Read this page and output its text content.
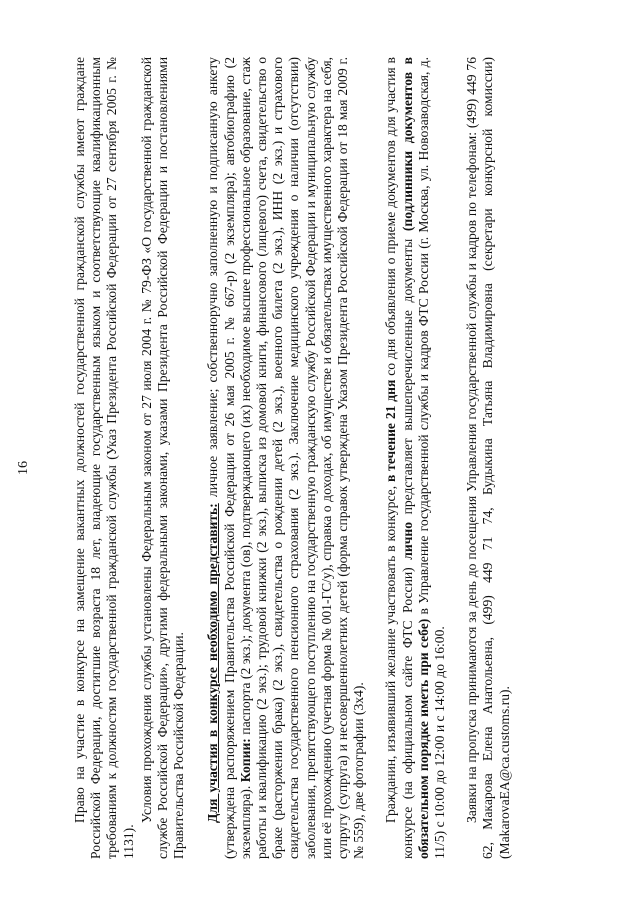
16	Право на участие в конкурсе на замещение вакантных должностей государственной гражданской службы имеют граждане Российской Федерации, достигшие возраста 18 лет, владеющие государственным языком и соответствующие квалификационным требованиям к должностям государственной гражданской службы (Указ Президента Российской Федерации от 27 сентября 2005 г. № 1131).

Условия прохождения службы установлены Федеральным законом от 27 июля 2004 г. № 79-ФЗ «О государственной гражданской службе Российской Федерации», другими федеральными законами, указами Президента Российской Федерации и постановлениями Правительства Российской Федерации. Для участия в конкурсе необходимо представить: личное заявление; собственноручно заполненную и подписанную анкету (утверждена распоряжением Правительства Российской Федерации от 26 мая 2005 г. № 667-р) (2 экземпляра); автобиографию (2 экземпляра). Копии: паспорта (2 экз.); документа (ов), подтверждающего (их) необходимое высшее профессиональное образование, стаж работы и квалификацию (2 экз.); трудовой книжки (2 экз.), выписка из домовой книги, финансового (лицевого) счета, свидетельство о браке (расторжении брака) (2 экз.), свидетельства о рождении детей (2 экз.), военного билета (2 экз.), ИНН (2 экз.) и страхового свидетельства государственного пенсионного страхования (2 экз.). Заключение медицинского учреждения о наличии (отсутствии) заболевания, препятствующего поступлению на государственную гражданскую службу Российской Федерации и муниципальную службу или её прохождению (учетная форма № 001-ГС/у), справка о доходах, об имуществе и обязательствах имущественного характера на себя, супругу (супруга) и несовершеннолетних детей (форма справок утверждена Указом Президента Российской Федерации от 18 мая 2009 г. № 559), две фотографии (3х4). Гражданин, изъявивший желание участвовать в конкурсе, в течение 21 дня со дня объявления о приеме документов для участия в конкурсе (на официальном сайте ФТС России) лично представляет вышеперечисленные документы (подлинники документов в обязательном порядке иметь при себе) в Управление государственной службы и кадров ФТС России (г. Москва, ул. Новозаводская, д. 11/5) с 10:00 до 12:00 и с 14:00 до 16:00. Заявки на пропуска принимаются за день до посещения Управления государственной службы и кадров по телефонам: (499) 449 76 62, Макарова Елена Анатольевна, (499) 449 71 74, Будыкина Татьяна Владимировна (секретари конкурсной комиссии) (MakarovaEA@ca.customs.ru).
